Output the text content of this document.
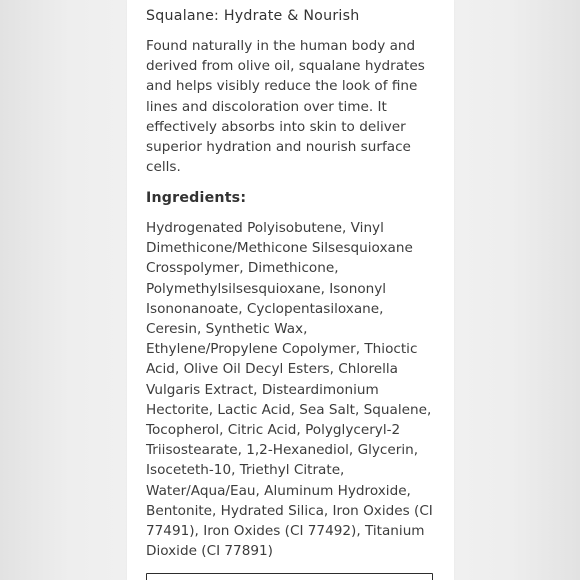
Squalane: Hydrate & Nourish

Found naturally in the human body and
derived from olive oil, squalane hydrates
and helps visibly reduce the look of fine
lines and discoloration over time. It
effectively absorbs into skin to deliver
superior hydration and nourish surface
cells.

Ingredients:

Hydrogenated Polyisobutene, Vinyl
Dimethicone/Methicone Silsesquioxane
Crosspolymer, Dimethicone,
Polymethylsilsesquioxane, Isononyl
Isononanoate, Cyclopentasiloxane,
Ceresin, Synthetic Wax,
Ethylene/Propylene Copolymer, Thioctic
Acid, Olive Oil Decyl Esters, Chlorella
Vulgaris Extract, Disteardimonium
Hectorite, Lactic Acid, Sea Salt, Squalene,
Tocopherol, Citric Acid, Polyglyceryl-2
Triisostearate, 1,2-Hexanediol, Glycerin,
Isoceteth-10, Triethyl Citrate,
Water/Aqua/Eau, Aluminum Hydroxide,
Bentonite, Hydrated Silica, Iron Oxides (CI
77491), Iron Oxides (CI 77492), Titanium
Dioxide (CI 77891)
